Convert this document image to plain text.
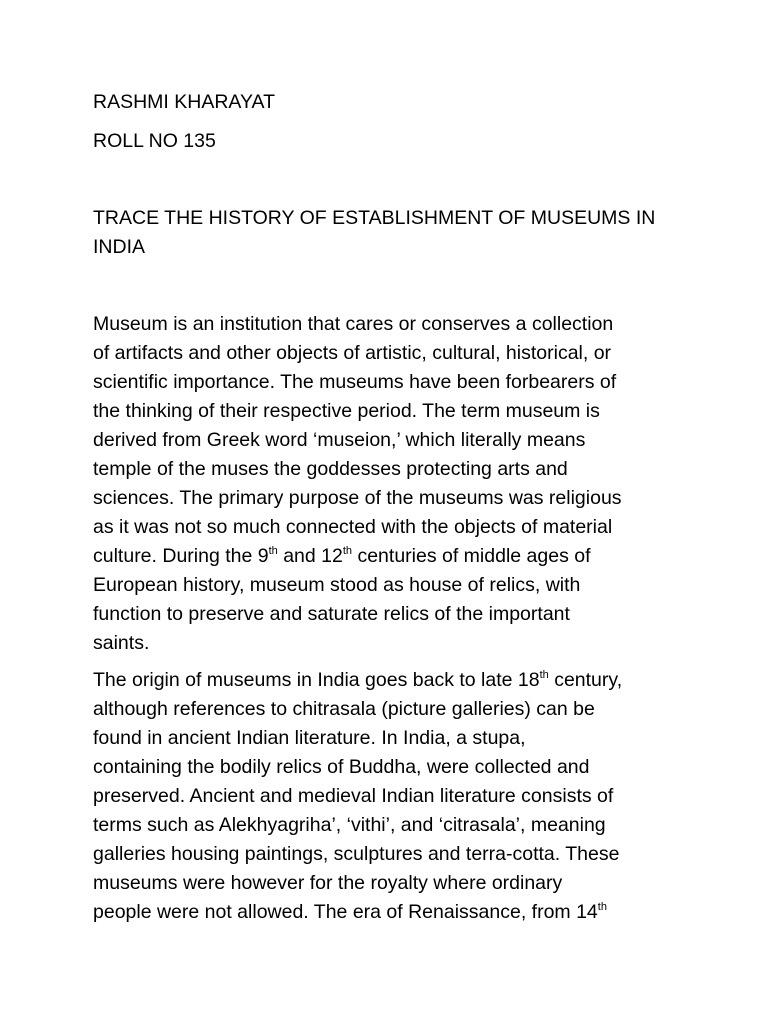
RASHMI KHARAYAT
ROLL NO 135
TRACE THE HISTORY OF ESTABLISHMENT OF MUSEUMS IN
INDIA
Museum is an institution that cares or conserves a collection
of artifacts and other objects of artistic, cultural, historical, or
scientific importance. The museums have been forbearers of
the thinking of their respective period. The term museum is
derived from Greek word ‘museion,’ which literally means
temple of the muses the goddesses protecting arts and
sciences. The primary purpose of the museums was religious
as it was not so much connected with the objects of material
culture. During the 9th and 12th centuries of middle ages of
European history, museum stood as house of relics, with
function to preserve and saturate relics of the important
saints.
The origin of museums in India goes back to late 18th century,
although references to chitrasala (picture galleries) can be
found in ancient Indian literature. In India, a stupa,
containing the bodily relics of Buddha, were collected and
preserved. Ancient and medieval Indian literature consists of
terms such as Alekhyagriha’, ‘vithi’, and ‘citrasala’, meaning
galleries housing paintings, sculptures and terra-cotta. These
museums were however for the royalty where ordinary
people were not allowed. The era of Renaissance, from 14th
